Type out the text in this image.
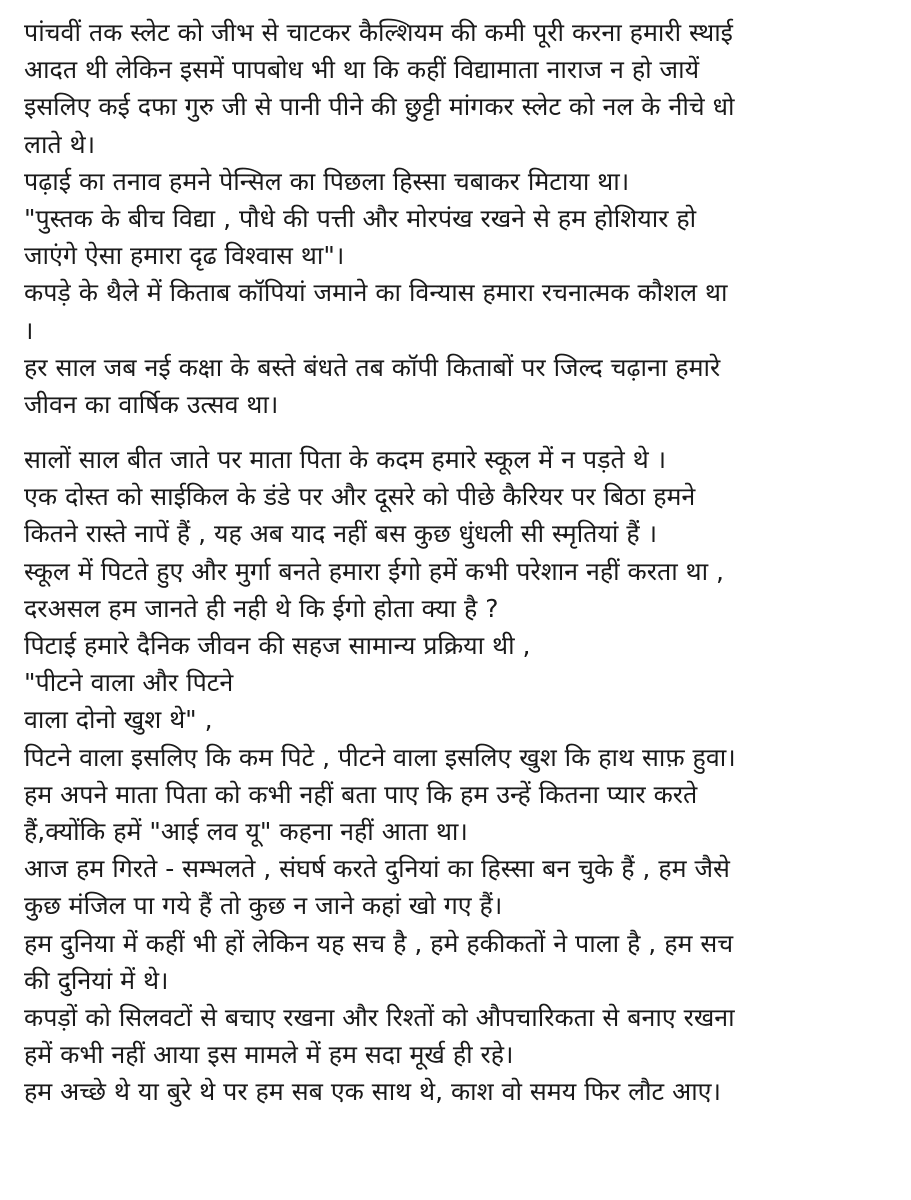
पांचवीं तक स्लेट को जीभ से चाटकर कैल्शियम की कमी पूरी करना हमारी स्थाई
आदत थी लेकिन इसमें पापबोध भी था कि कहीं विद्यामाता नाराज न हो जायें
इसलिए कई दफा गुरु जी से पानी पीने की छुट्टी मांगकर स्लेट को नल के नीचे धो
लाते थे।
पढ़ाई का तनाव हमने पेन्सिल का पिछला हिस्सा चबाकर मिटाया था।
"पुस्तक के बीच विद्या , पौधे की पत्ती और मोरपंख रखने से हम होशियार हो
जाएंगे ऐसा हमारा दृढ विश्वास था"।
कपड़े के थैले में किताब कॉपियां जमाने का विन्यास हमारा रचनात्मक कौशल था
।
हर साल जब नई कक्षा के बस्ते बंधते तब कॉपी किताबों पर जिल्द चढ़ाना हमारे
जीवन का वार्षिक उत्सव था।
सालों साल बीत जाते पर माता पिता के कदम हमारे स्कूल में न पड़ते थे ।
एक दोस्त को साईकिल के डंडे पर और दूसरे को पीछे कैरियर पर बिठा हमने
कितने रास्ते नापें हैं , यह अब याद नहीं बस कुछ धुंधली सी स्मृतियां हैं ।
स्कूल में पिटते हुए और मुर्गा बनते हमारा ईगो हमें कभी परेशान नहीं करता था ,
दरअसल हम जानते ही नही थे कि ईगो होता क्या है ?
पिटाई हमारे दैनिक जीवन की सहज सामान्य प्रक्रिया थी ,
"पीटने वाला और पिटने
वाला दोनो खुश थे" ,
पिटने वाला इसलिए कि कम पिटे , पीटने वाला इसलिए खुश कि हाथ साफ़ हुवा।
हम अपने माता पिता को कभी नहीं बता पाए कि हम उन्हें कितना प्यार करते
हैं,क्योंकि हमें "आई लव यू" कहना नहीं आता था।
आज हम गिरते - सम्भलते , संघर्ष करते दुनियां का हिस्सा बन चुके हैं , हम जैसे
कुछ मंजिल पा गये हैं तो कुछ न जाने कहां खो गए हैं।
हम दुनिया में कहीं भी हों लेकिन यह सच है , हमे हकीकतों ने पाला है , हम सच
की दुनियां में थे।
कपड़ों को सिलवटों से बचाए रखना और रिश्तों को औपचारिकता से बनाए रखना
हमें कभी नहीं आया इस मामले में हम सदा मूर्ख ही रहे।
हम अच्छे थे या बुरे थे पर हम सब एक साथ थे, काश वो समय फिर लौट आए।
